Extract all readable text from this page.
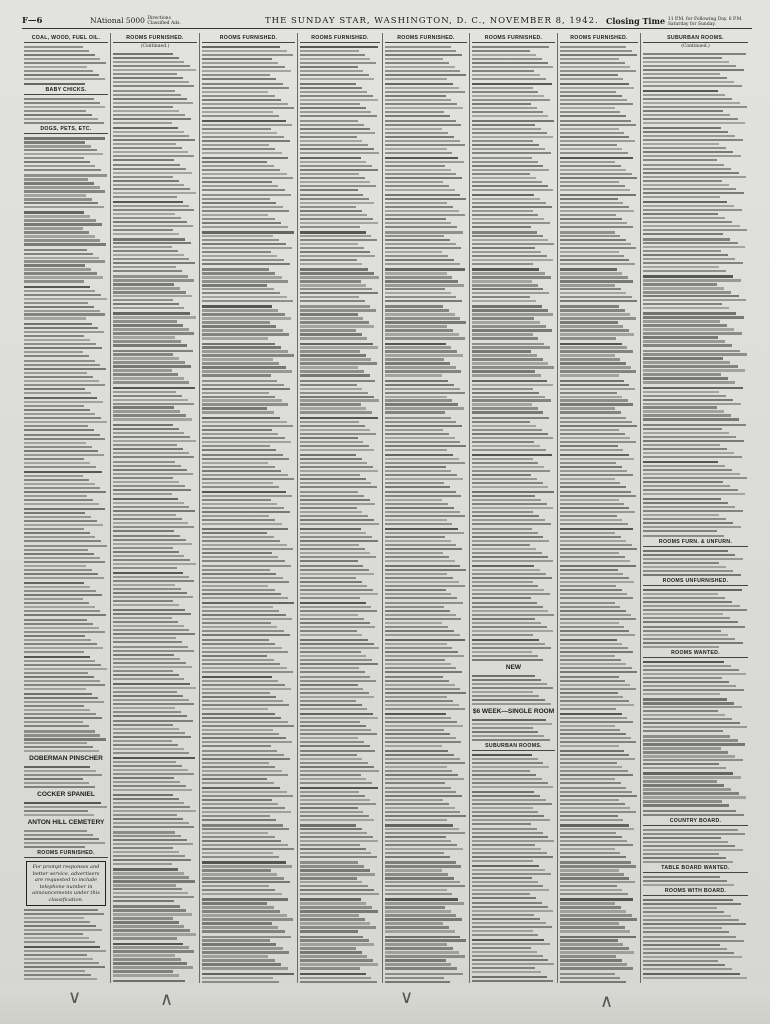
F—6	NAtional 5000 Directions Classified Ads.	THE SUNDAY STAR, WASHINGTON, D. C., NOVEMBER 8, 1942. Closing Time 11 P.M. for Following Day. 6 P.M. Saturday for Sunday.
COAL, WOOD, FUEL OIL.
BABY CHICKS.
DOGS, PETS, ETC.
DOBERMAN PINSCHER
COCKER SPANIEL
ANTON HILL CEMETERY
ROOMS FURNISHED.
For prompt responses and better service, advertisers are requested to include telephone number in announcements under this classification.
ROOMS FURNISHED.
(Continued.)
ROOMS FURNISHED.	ROOMS FURNISHED.	ROOMS FURNISHED.	ROOMS FURNISHED.
NEW
$6 WEEK—SINGLE ROOM
SUBURBAN ROOMS.
ROOMS FURNISHED.	SUBURBAN ROOMS.
(Continued.)
ROOMS FURN. & UNFURN.
ROOMS UNFURNISHED.
ROOMS WANTED.
COUNTRY BOARD.
TABLE BOARD WANTED.
ROOMS WITH BOARD.
∨	∧	∨	∧
